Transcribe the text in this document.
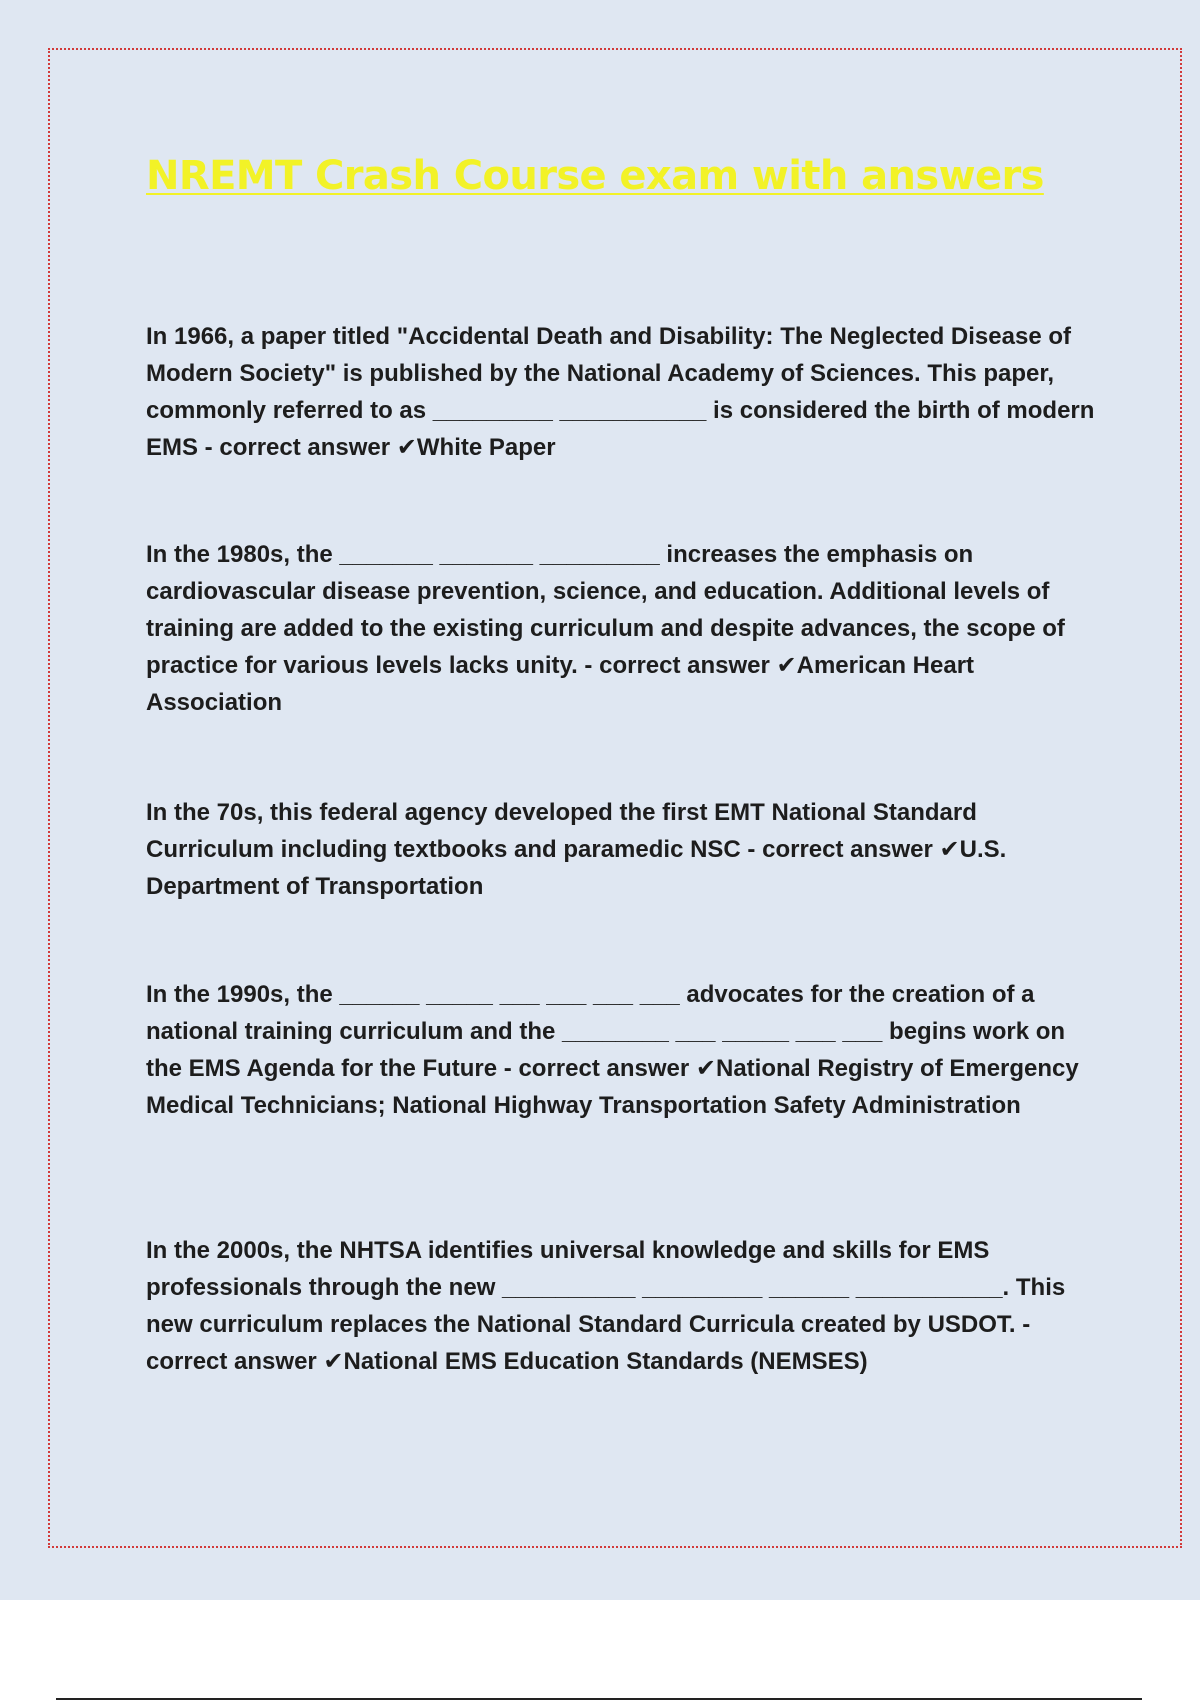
NREMT Crash Course exam with answers

In 1966, a paper titled "Accidental Death and Disability: The Neglected Disease of Modern Society" is published by the National Academy of Sciences. This paper, commonly referred to as _________ ___________ is considered the birth of modern EMS - correct answer ✔White Paper

In the 1980s, the _______ _______ _________ increases the emphasis on cardiovascular disease prevention, science, and education. Additional levels of training are added to the existing curriculum and despite advances, the scope of practice for various levels lacks unity. - correct answer ✔American Heart Association

In the 70s, this federal agency developed the first EMT National Standard Curriculum including textbooks and paramedic NSC - correct answer ✔U.S. Department of Transportation

In the 1990s, the ______ _____ ___ ___ ___ ___ advocates for the creation of a national training curriculum and the ________ ___ _____ ___ ___ begins work on the EMS Agenda for the Future - correct answer ✔National Registry of Emergency Medical Technicians; National Highway Transportation Safety Administration

In the 2000s, the NHTSA identifies universal knowledge and skills for EMS professionals through the new __________ _________ ______ ___________. This new curriculum replaces the National Standard Curricula created by USDOT. - correct answer ✔National EMS Education Standards (NEMSES)
